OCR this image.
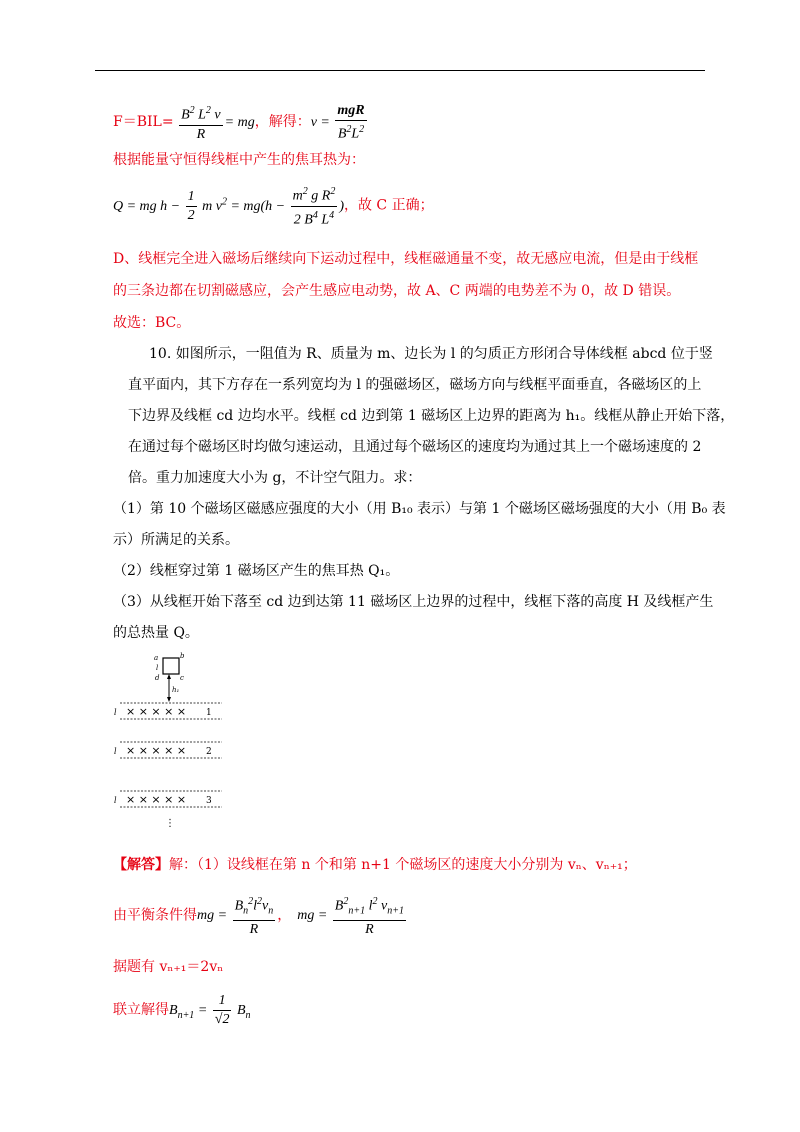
$F=BIL= \frac{B^2 L^2 v}{R}$ = mg，解得：$v = \frac{\text{mgR}}{B^2L^2}$
根据能量守恒得线框中产生的焦耳热为：
Q = mg $h - \frac{1}{2}$ m $v^2 = mg(h - \frac{m^2 g R^2}{2 B^4 L^4}$ )，故 C 正确；
D、线框完全进入磁场后继续向下运动过程中，线框磁通量不变，故无感应电流，但是由于线框
的三条边都在切割磁感应，会产生感应电动势，故 A、C 两端的电势差不为 0，故 D 错误。
故选：BC。
10. 如图所示，一阻值为 R、质量为 m、边长为 l 的匀质正方形闭合导体线框 abcd 位于竖
直平面内，其下方存在一系列宽均为 l 的强磁场区，磁场方向与线框平面垂直，各磁场区的上
下边界及线框 cd 边均水平。线框 cd 边到第 1 磁场区上边界的距离为 h₁。线框从静止开始下落，
在通过每个磁场区时均做匀速运动，且通过每个磁场区的速度均为通过其上一个磁场速度的 2
倍。重力加速度大小为 g，不计空气阻力。求：
（1）第 10 个磁场区磁感应强度的大小（用 B₁₀ 表示）与第 1 个磁场区磁场强度的大小（用 B₀ 表
示）所满足的关系。
（2）线框穿过第 1 磁场区产生的焦耳热 Q₁。
（3）从线框开始下落至 cd 边到达第 11 磁场区上边界的过程中，线框下落的高度 H 及线框产生
的总热量 Q。
a	b
l
d	c
h₁
l × × × × × 1
l × × × × × 2
l × × × × × 3
⋮
【解答】解：（1）设线框在第 n 个和第 n+1 个磁场区的速度大小分别为 vₙ、vₙ₊₁；
由平衡条件得mg = $\frac{B_n^2l^2v_n}{R}$ ， mg = $\frac{B^2_{n+1} l^2 v_{n+1}}{R}$
据题有 vₙ₊₁＝2vₙ
联立解得$B_{n+1} = \frac{1}{√2} B_n$
